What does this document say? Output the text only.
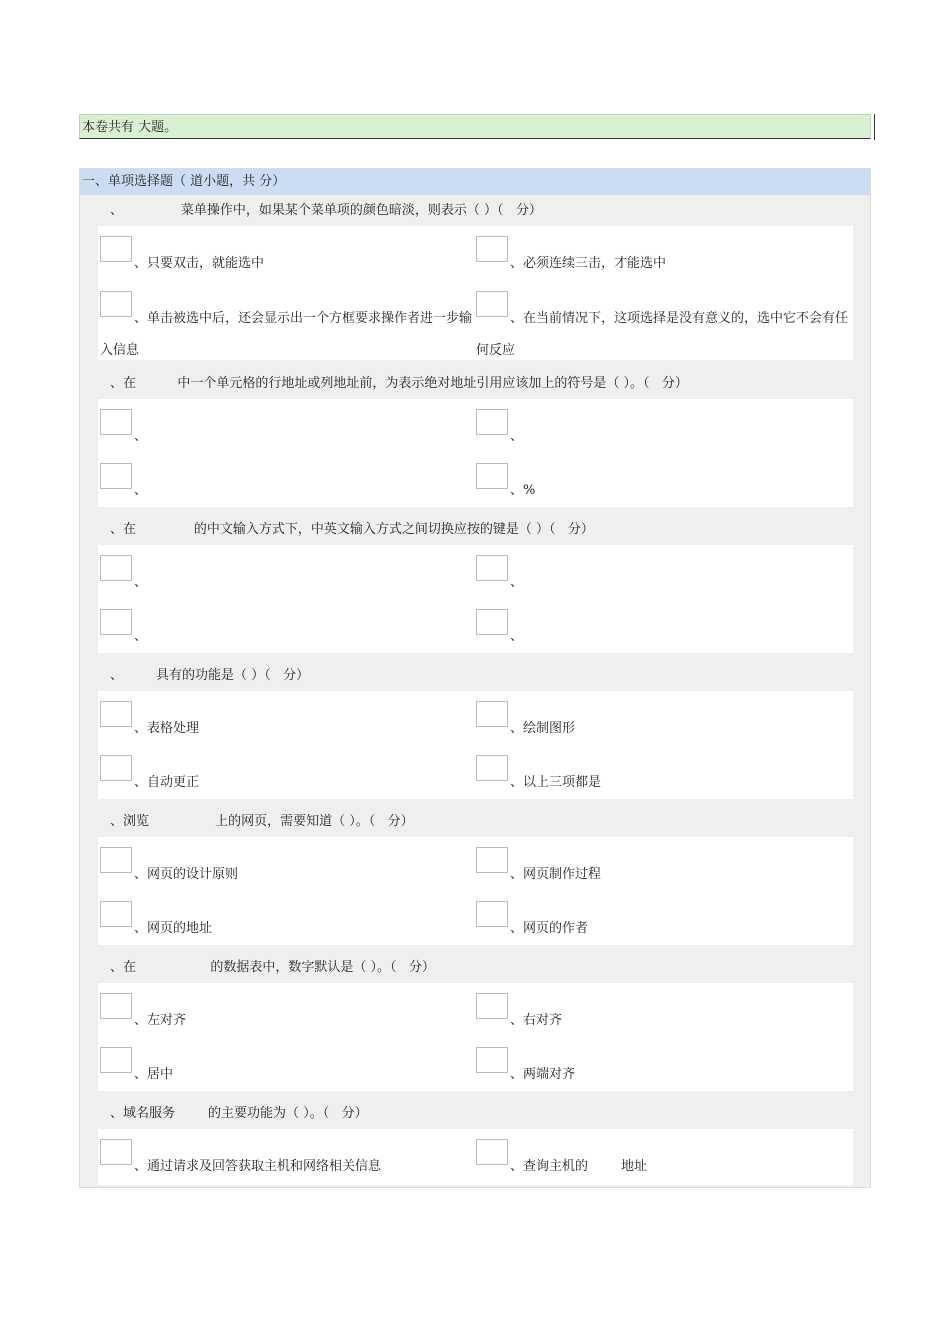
本卷共有 大题。
一、单项选择题（ 道小题，共 分）
、              菜单操作中，如果某个菜单项的颜色暗淡，则表示（ ）（   分）
、只要双击，就能选中	、必须连续三击，才能选中
、单击被选中后，还会显示出一个方框要求操作者进一步输入信息
、在当前情况下，这项选择是没有意义的，选中它不会有任何反应
、在          中一个单元格的行地址或列地址前，为表示绝对地址引用应该加上的符号是（ ）。（   分）
、	、
、	、%
、在              的中文输入方式下，中英文输入方式之间切换应按的键是（ ）（   分）
、	、
、	、
、        具有的功能是（ ）（   分）
、表格处理	、绘制图形
、自动更正	、以上三项都是
、浏览                上的网页，需要知道（ ）。（   分）
、网页的设计原则	、网页制作过程
、网页的地址	、网页的作者
、在                  的数据表中，数字默认是（ ）。（   分）
、左对齐	、右对齐
、居中	、两端对齐
、域名服务        的主要功能为（ ）。（   分）
、通过请求及回答获取主机和网络相关信息	、查询主机的        地址
